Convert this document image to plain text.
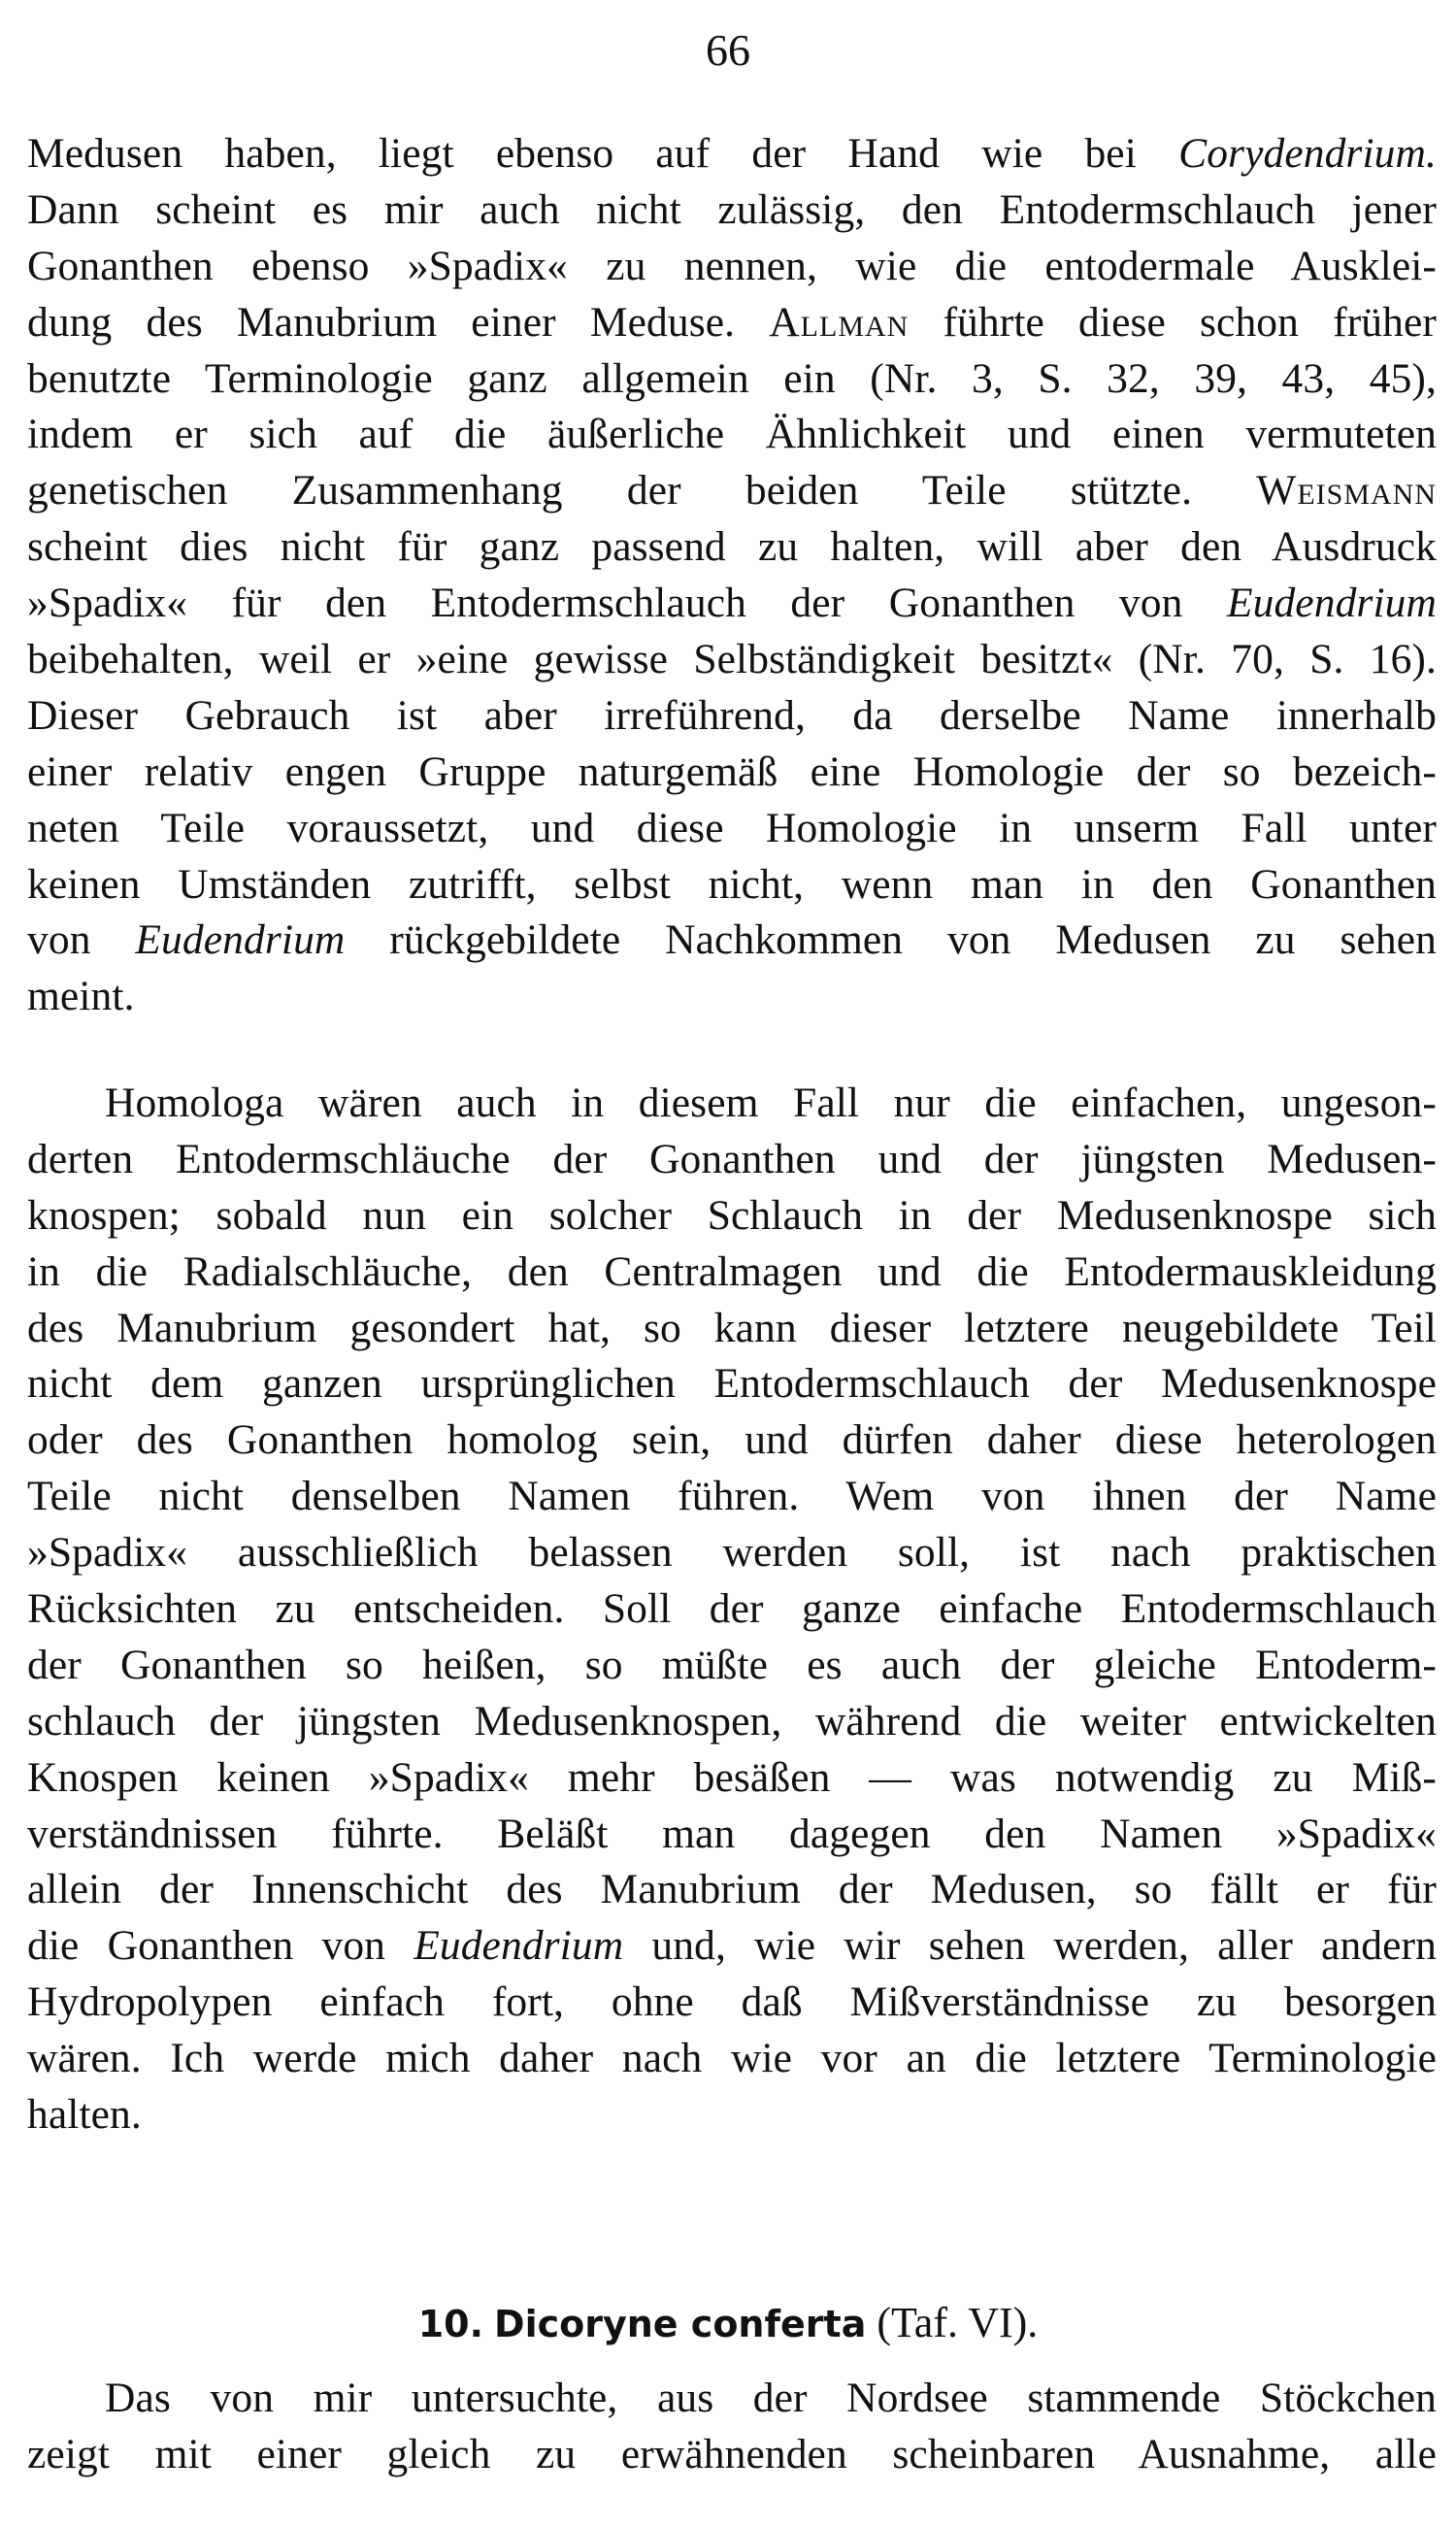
66
Medusen haben, liegt ebenso auf der Hand wie bei Corydendrium.
Dann scheint es mir auch nicht zulässig, den Entodermschlauch jener
Gonanthen ebenso »Spadix« zu nennen, wie die entodermale Ausklei-
dung des Manubrium einer Meduse. Allman führte diese schon früher
benutzte Terminologie ganz allgemein ein (Nr. 3, S. 32, 39, 43, 45),
indem er sich auf die äußerliche Ähnlichkeit und einen vermuteten
genetischen Zusammenhang der beiden Teile stützte. Weismann
scheint dies nicht für ganz passend zu halten, will aber den Ausdruck
»Spadix« für den Entodermschlauch der Gonanthen von Eudendrium
beibehalten, weil er »eine gewisse Selbständigkeit besitzt« (Nr. 70, S. 16).
Dieser Gebrauch ist aber irreführend, da derselbe Name innerhalb
einer relativ engen Gruppe naturgemäß eine Homologie der so bezeich-
neten Teile voraussetzt, und diese Homologie in unserm Fall unter
keinen Umständen zutrifft, selbst nicht, wenn man in den Gonanthen
von Eudendrium rückgebildete Nachkommen von Medusen zu sehen
meint.
Homologa wären auch in diesem Fall nur die einfachen, ungeson-
derten Entodermschläuche der Gonanthen und der jüngsten Medusen-
knospen; sobald nun ein solcher Schlauch in der Medusenknospe sich
in die Radialschläuche, den Centralmagen und die Entodermauskleidung
des Manubrium gesondert hat, so kann dieser letztere neugebildete Teil
nicht dem ganzen ursprünglichen Entodermschlauch der Medusenknospe
oder des Gonanthen homolog sein, und dürfen daher diese heterologen
Teile nicht denselben Namen führen. Wem von ihnen der Name
»Spadix« ausschließlich belassen werden soll, ist nach praktischen
Rücksichten zu entscheiden. Soll der ganze einfache Entodermschlauch
der Gonanthen so heißen, so müßte es auch der gleiche Entoderm-
schlauch der jüngsten Medusenknospen, während die weiter entwickelten
Knospen keinen »Spadix« mehr besäßen — was notwendig zu Miß-
verständnissen führte. Beläßt man dagegen den Namen »Spadix«
allein der Innenschicht des Manubrium der Medusen, so fällt er für
die Gonanthen von Eudendrium und, wie wir sehen werden, aller andern
Hydropolypen einfach fort, ohne daß Mißverständnisse zu besorgen
wären. Ich werde mich daher nach wie vor an die letztere Terminologie
halten.
10. Dicoryne conferta (Taf. VI).
Das von mir untersuchte, aus der Nordsee stammende Stöckchen
zeigt mit einer gleich zu erwähnenden scheinbaren Ausnahme, alle
